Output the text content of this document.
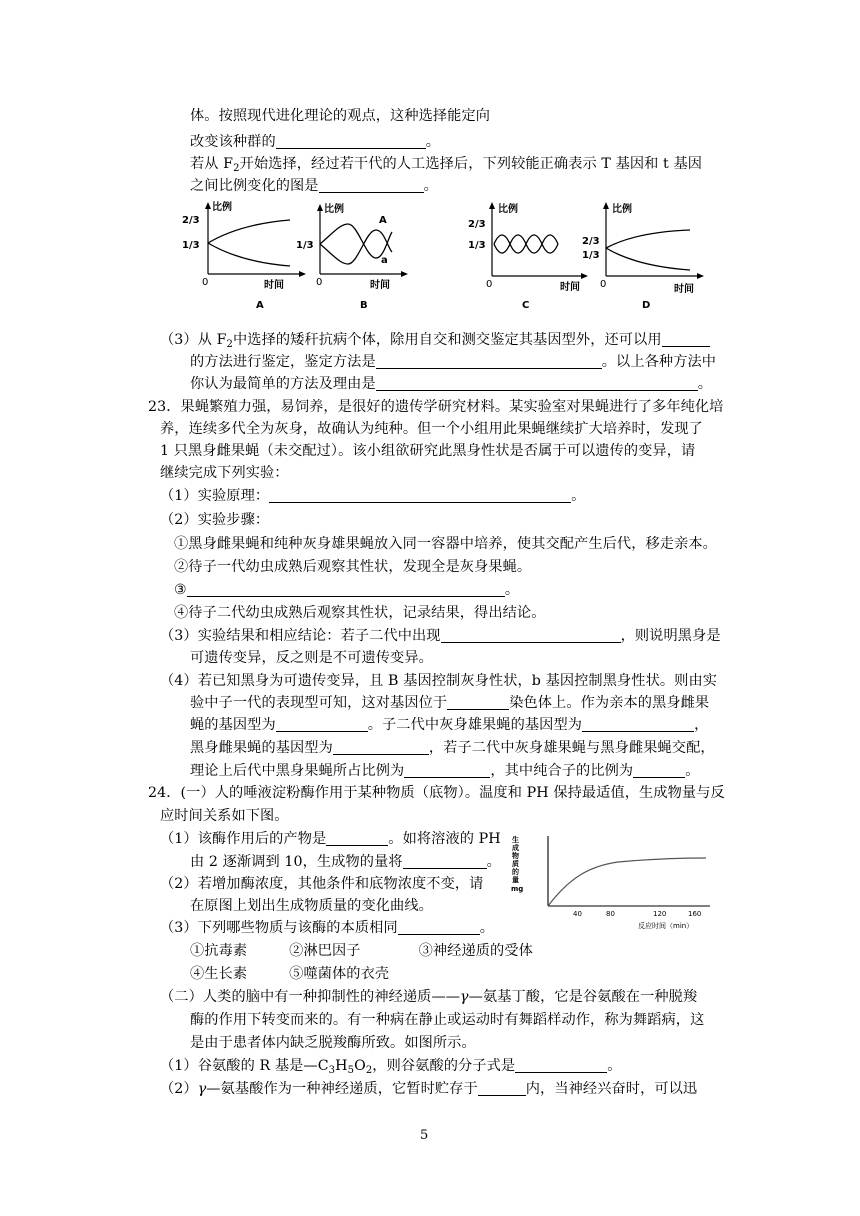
体。按照现代进化理论的观点，这种选择能定向
改变该种群的	。
若从 $F_2$开始选择，经过若干代的人工选择后，下列较能正确表示 T 基因和 t 基因
之间比例变化的图是	。
比例
2/3
1/3
0	时间
A
比例
1/3
0	时间
B
A
a
比例
2/3
1/3
0	时间
C
比例
2/3
1/3
0	时间
D
（3）从 $F_2$中选择的矮秆抗病个体，除用自交和测交鉴定其基因型外，还可以用
的方法进行鉴定，鉴定方法是	。以上各种方法中
你认为最简单的方法及理由是	。
23．果蝇繁殖力强，易饲养，是很好的遗传学研究材料。某实验室对果蝇进行了多年纯化培
养，连续多代全为灰身，故确认为纯种。但一个小组用此果蝇继续扩大培养时，发现了
1 只黑身雌果蝇（未交配过）。该小组欲研究此黑身性状是否属于可以遗传的变异，请
继续完成下列实验：
（1）实验原理：	。
（2）实验步骤：
①黑身雌果蝇和纯种灰身雄果蝇放入同一容器中培养，使其交配产生后代，移走亲本。
②待子一代幼虫成熟后观察其性状，发现全是灰身果蝇。
③	。
④待子二代幼虫成熟后观察其性状，记录结果，得出结论。
（3）实验结果和相应结论：若子二代中出现	，则说明黑身是
可遗传变异，反之则是不可遗传变异。
（4）若已知黑身为可遗传变异，且 B 基因控制灰身性状，b 基因控制黑身性状。则由实
验中子一代的表现型可知，这对基因位于	染色体上。作为亲本的黑身雌果
蝇的基因型为	。子二代中灰身雄果蝇的基因型为	，
黑身雌果蝇的基因型为	，若子二代中灰身雄果蝇与黑身雌果蝇交配，
理论上后代中黑身果蝇所占比例为	，其中纯合子的比例为	。
24．(一）人的唾液淀粉酶作用于某种物质（底物）。温度和 PH 保持最适值，生成物量与反
应时间关系如下图。
（1）该酶作用后的产物是	。如将溶液的 PH
由 2 逐渐调到 10，生成物的量将	。
（2）若增加酶浓度，其他条件和底物浓度不变，请
在原图上划出生成物质量的变化曲线。
（3）下列哪些物质与该酶的本质相同	。
①抗毒素	②淋巴因子	③神经递质的受体
④生长素	⑤噬菌体的衣壳
生
成
物
质
的
量
mg
40	80	120	160
反应时间（min）
（二）人类的脑中有一种抑制性的神经递质——γ—氨基丁酸，它是谷氨酸在一种脱羧
酶的作用下转变而来的。有一种病在静止或运动时有舞蹈样动作，称为舞蹈病，这
是由于患者体内缺乏脱羧酶所致。如图所示。
（1）谷氨酸的 R 基是$—C_3H_5O_2$，则谷氨酸的分子式是	。
（2）γ—氨基酸作为一种神经递质，它暂时贮存于	内，当神经兴奋时，可以迅
5
